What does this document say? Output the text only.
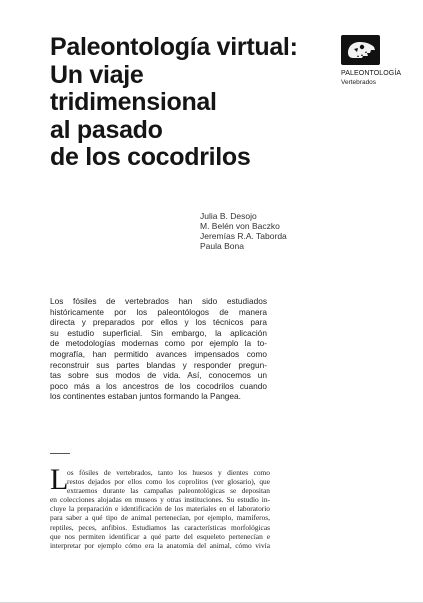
Paleontología virtual:
Un viaje
tridimensional
al pasado
de los cocodrilos

PALEONTOLOGÍA

Vertebrados

Julia B. Desojo
M. Belén von Baczko
Jeremías R.A. Taborda
Paula Bona

Los fósiles de vertebrados han sido estudiados
históricamente por los paleontólogos de manera
directa y preparados por ellos y los técnicos para
su estudio superficial. Sin embargo, la aplicación
de metodologías modernas como por ejemplo la to-
mografía, han permitido avances impensados como
reconstruir sus partes blandas y responder pregun-
tas sobre sus modos de vida. Así, conocemos un
poco más a los ancestros de los cocodrilos cuando
los continentes estaban juntos formando la Pangea.

L

os fósiles de vertebrados, tanto los huesos y dientes como
restos dejados por ellos como los coprolitos (ver glosario), que
extraemos durante las campañas paleontológicas se depositan
en colecciones alojadas en museos y otras instituciones. Su estudio in-
cluye la preparación e identificación de los materiales en el laboratorio
para saber a qué tipo de animal pertenecían, por ejemplo, mamíferos,
reptiles, peces, anfibios. Estudiamos las características morfológicas
que nos permiten identificar a qué parte del esqueleto pertenecían e
interpretar por ejemplo cómo era la anatomía del animal, cómo vivía
